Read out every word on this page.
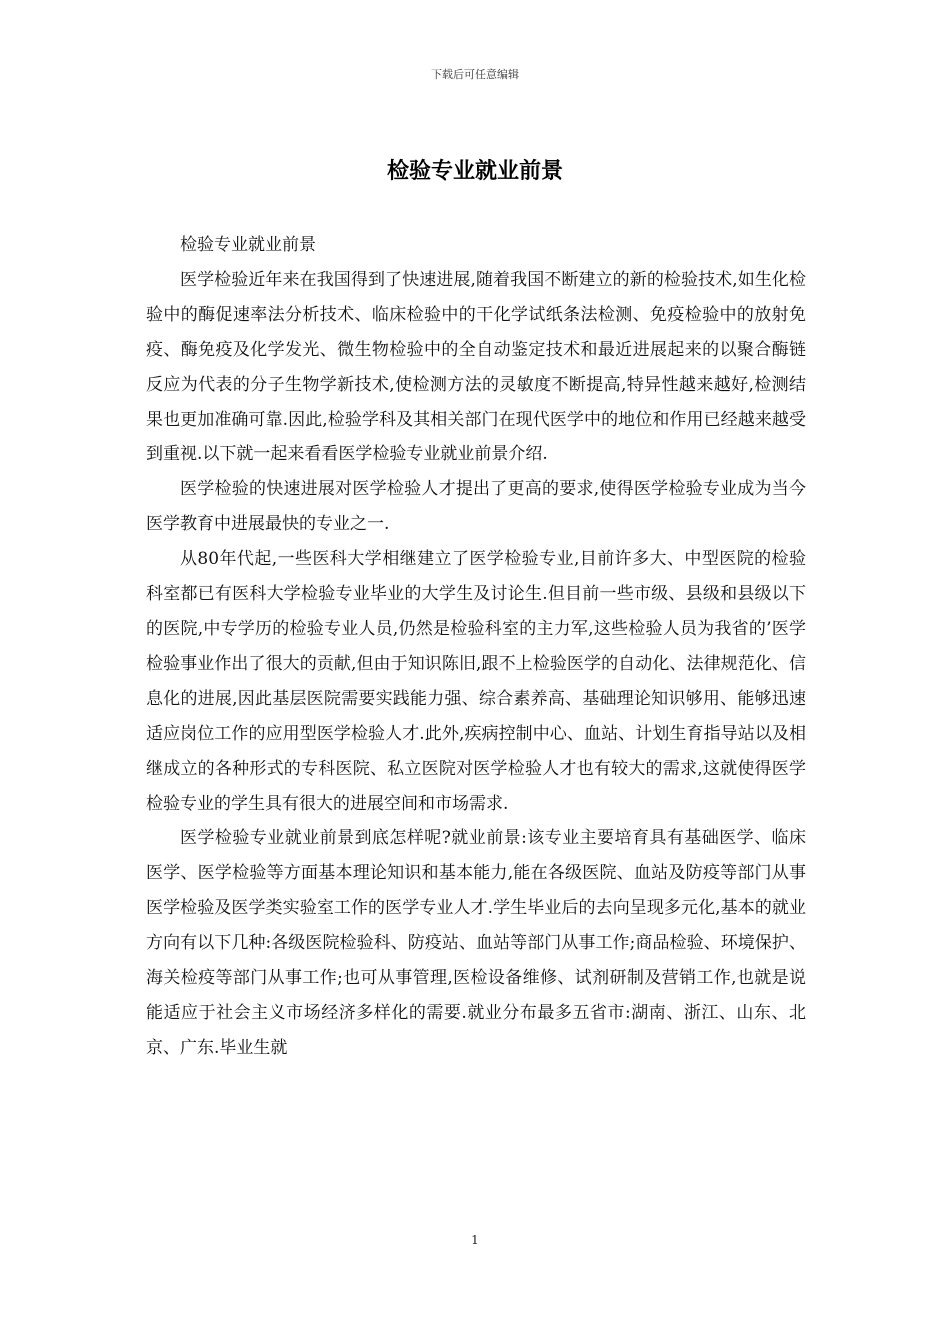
下载后可任意编辑
检验专业就业前景

检验专业就业前景

医学检验近年来在我国得到了快速进展,随着我国不断建立的新的检验技术,如生化检验中的酶促速率法分析技术、临床检验中的干化学试纸条法检测、免疫检验中的放射免疫、酶免疫及化学发光、微生物检验中的全自动鉴定技术和最近进展起来的以聚合酶链反应为代表的分子生物学新技术,使检测方法的灵敏度不断提高,特异性越来越好,检测结果也更加准确可靠.因此,检验学科及其相关部门在现代医学中的地位和作用已经越来越受到重视.以下就一起来看看医学检验专业就业前景介绍.

医学检验的快速进展对医学检验人才提出了更高的要求,使得医学检验专业成为当今医学教育中进展最快的专业之一.

从80年代起,一些医科大学相继建立了医学检验专业,目前许多大、中型医院的检验科室都已有医科大学检验专业毕业的大学生及讨论生.但目前一些市级、县级和县级以下的医院,中专学历的检验专业人员,仍然是检验科室的主力军,这些检验人员为我省的’医学检验事业作出了很大的贡献,但由于知识陈旧,跟不上检验医学的自动化、法律规范化、信息化的进展,因此基层医院需要实践能力强、综合素养高、基础理论知识够用、能够迅速适应岗位工作的应用型医学检验人才.此外,疾病控制中心、血站、计划生育指导站以及相继成立的各种形式的专科医院、私立医院对医学检验人才也有较大的需求,这就使得医学检验专业的学生具有很大的进展空间和市场需求.

医学检验专业就业前景到底怎样呢?就业前景:该专业主要培育具有基础医学、临床医学、医学检验等方面基本理论知识和基本能力,能在各级医院、血站及防疫等部门从事医学检验及医学类实验室工作的医学专业人才.学生毕业后的去向呈现多元化,基本的就业方向有以下几种:各级医院检验科、防疫站、血站等部门从事工作;商品检验、环境保护、海关检疫等部门从事工作;也可从事管理,医检设备维修、试剂研制及营销工作,也就是说能适应于社会主义市场经济多样化的需要.就业分布最多五省市:湖南、浙江、山东、北京、广东.毕业生就

1
